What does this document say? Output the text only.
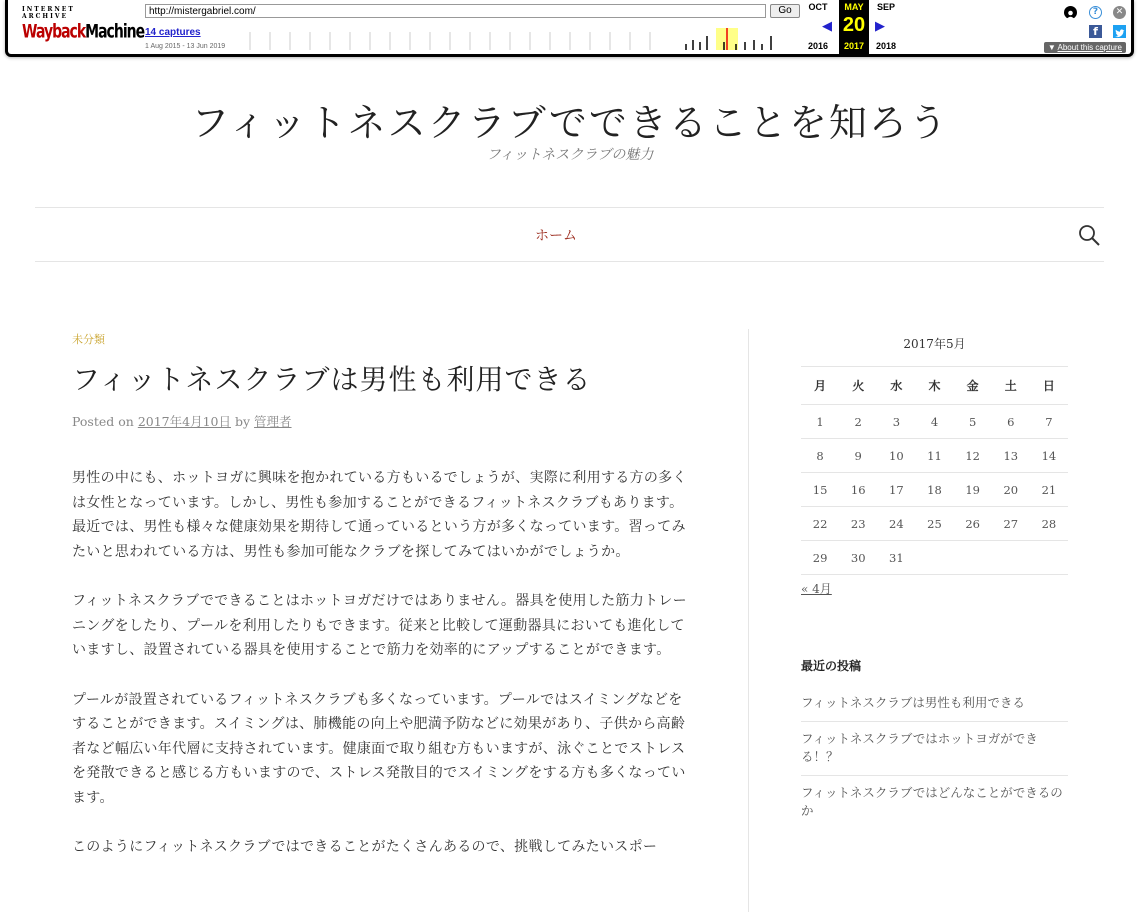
INTERNET ARCHIVE
WaybackMachine
http://mistergabriel.com/	Go
14 captures
1 Aug 2015 - 13 Jun 2019
OCT
2016
MAY
20
2017
SEP
2018
◀	▶
?	✕
f
▼ About this capture
フィットネスクラブでできることを知ろう
フィットネスクラブの魅力
ホーム
未分類
フィットネスクラブは男性も利用できる
Posted on 2017年4月10日 by 管理者

男性の中にも、ホットヨガに興味を抱かれている方もいるでしょうが、実際に利用する方の多くは女性となっています。しかし、男性も参加することができるフィットネスクラブもあります。最近では、男性も様々な健康効果を期待して通っているという方が多くなっています。習ってみたいと思われている方は、男性も参加可能なクラブを探してみてはいかがでしょうか。

フィットネスクラブでできることはホットヨガだけではありません。器具を使用した筋力トレーニングをしたり、プールを利用したりもできます。従来と比較して運動器具においても進化していますし、設置されている器具を使用することで筋力を効率的にアップすることができます。

プールが設置されているフィットネスクラブも多くなっています。プールではスイミングなどをすることができます。スイミングは、肺機能の向上や肥満予防などに効果があり、子供から高齢者など幅広い年代層に支持されています。健康面で取り組む方もいますが、泳ぐことでストレスを発散できると感じる方もいますので、ストレス発散目的でスイミングをする方も多くなっています。

このようにフィットネスクラブではできることがたくさんあるので、挑戦してみたいスポー

2017年5月
月	火	水	木	金	土	日
1	2	3	4	5	6	7
8	9	10	11	12	13	14
15	16	17	18	19	20	21
22	23	24	25	26	27	28
29	30	31				
« 4月
最近の投稿
フィットネスクラブは男性も利用できる
フィットネスクラブではホットヨガができる！？
フィットネスクラブではどんなことができるのか
